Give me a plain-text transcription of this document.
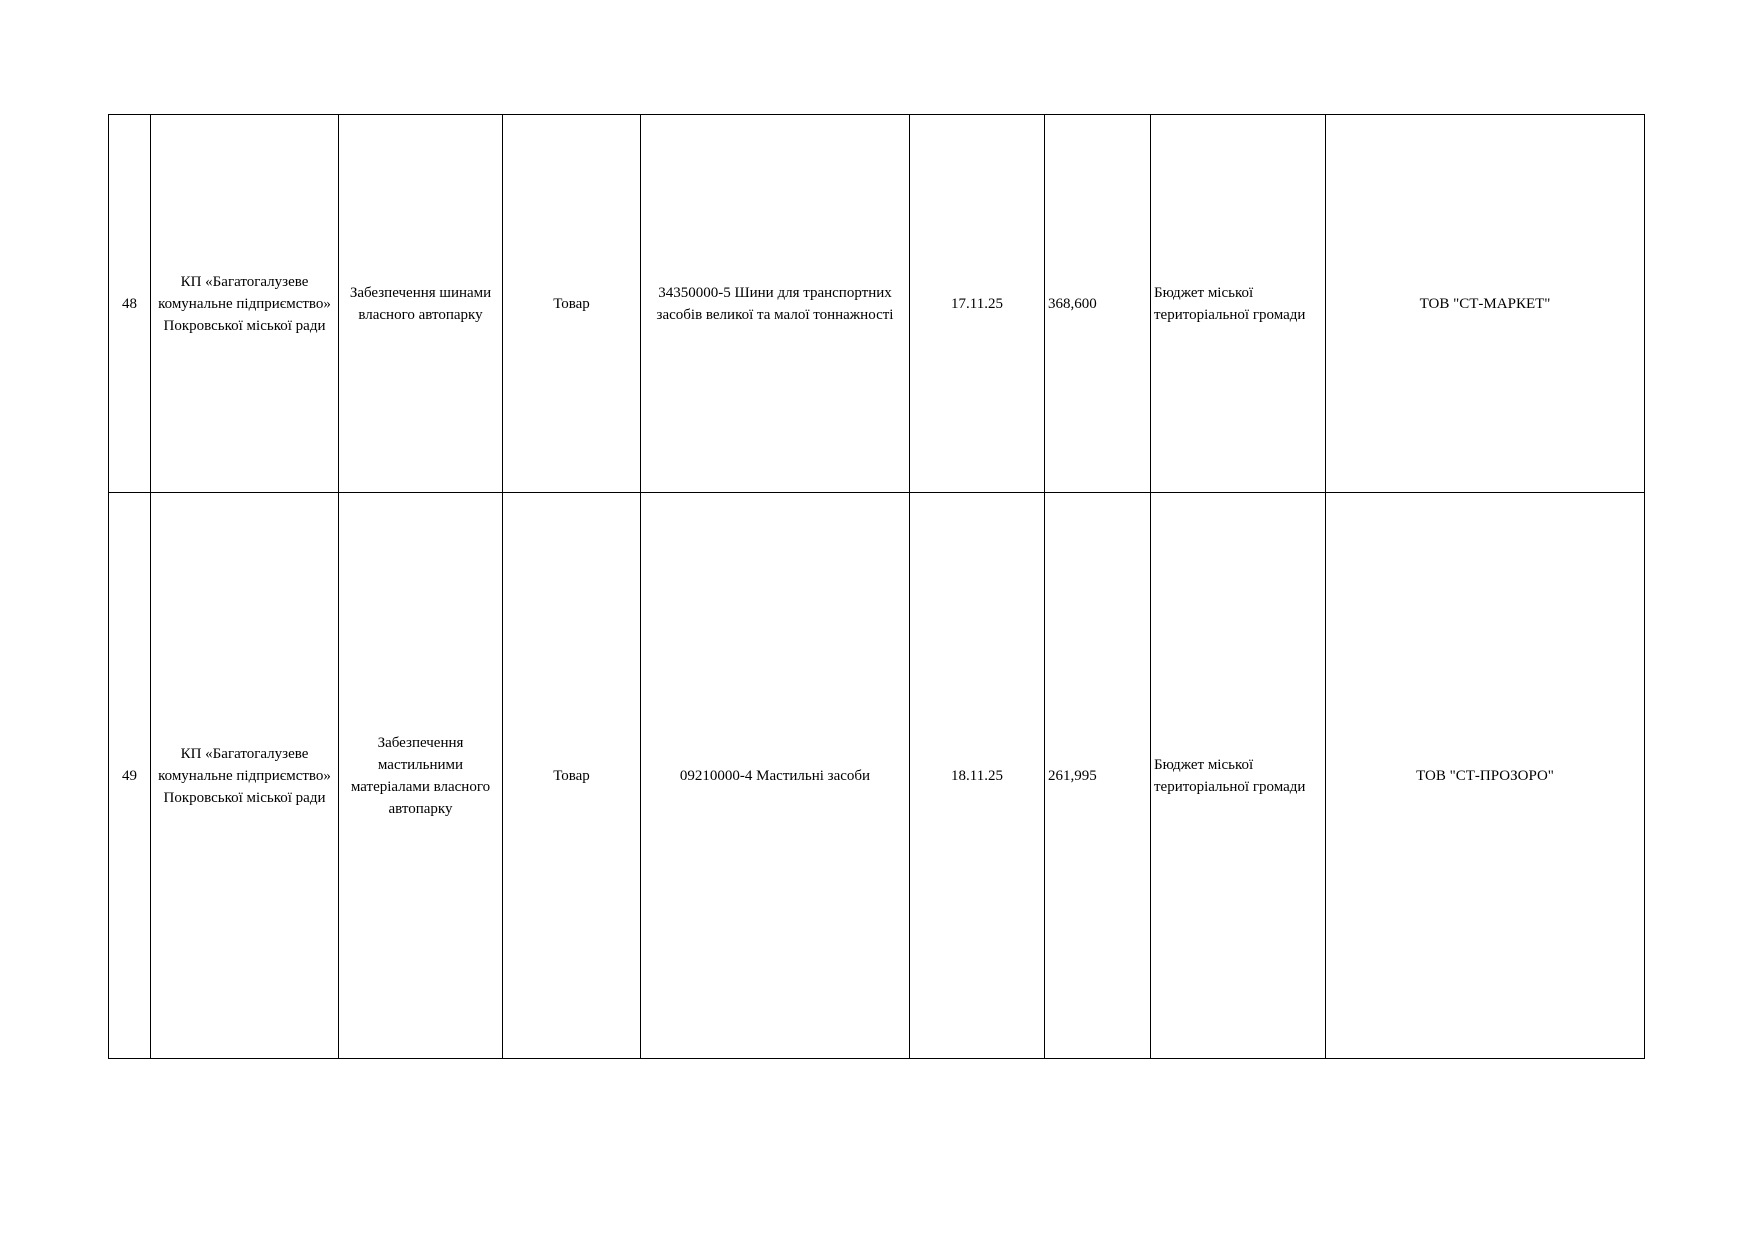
48	КП «Багатогалузеве комунальне підприємство» Покровської міської ради	Забезпечення шинами власного автопарку	Товар	34350000-5 Шини для транспортних засобів великої та малої тоннажності	17.11.25	368,600	Бюджет міської територіальної громади	ТОВ "СТ-МАРКЕТ"
49	КП «Багатогалузеве комунальне підприємство» Покровської міської ради	Забезпечення мастильними матеріалами власного автопарку	Товар	09210000-4 Мастильні засоби	18.11.25	261,995	Бюджет міської територіальної громади	ТОВ "СТ-ПРОЗОРО"
